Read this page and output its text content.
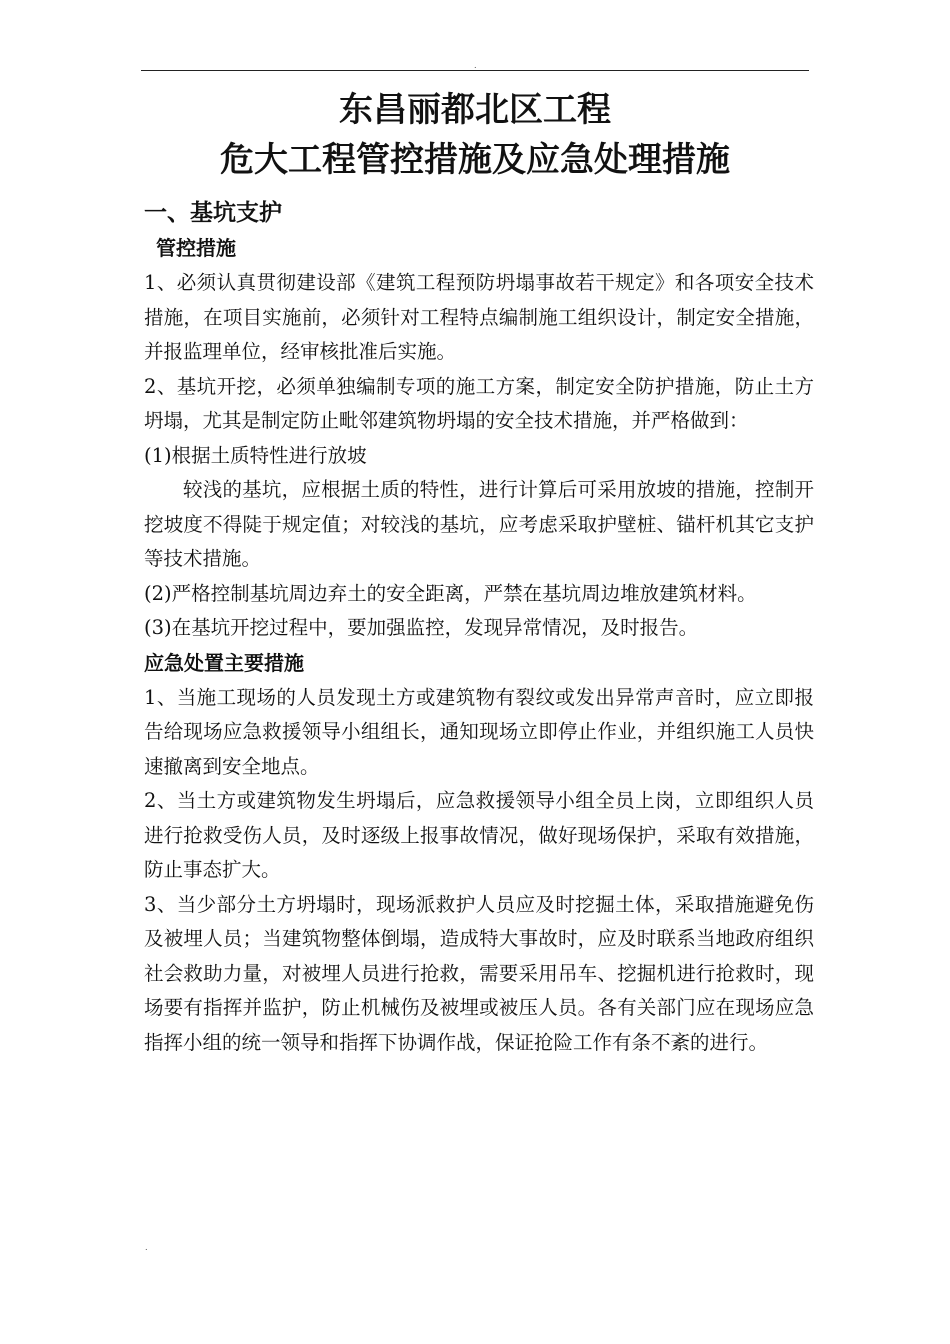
.
东昌丽都北区工程
危大工程管控措施及应急处理措施
一、基坑支护
管控措施

1、必须认真贯彻建设部《建筑工程预防坍塌事故若干规定》和各项安全技术措施，在项目实施前，必须针对工程特点编制施工组织设计，制定安全措施，并报监理单位，经审核批准后实施。

2、基坑开挖，必须单独编制专项的施工方案，制定安全防护措施，防止土方坍塌，尤其是制定防止毗邻建筑物坍塌的安全技术措施，并严格做到：

(1)根据土质特性进行放坡

较浅的基坑，应根据土质的特性，进行计算后可采用放坡的措施，控制开挖坡度不得陡于规定值；对较浅的基坑，应考虑采取护壁桩、锚杆机其它支护等技术措施。

(2)严格控制基坑周边弃土的安全距离，严禁在基坑周边堆放建筑材料。

(3)在基坑开挖过程中，要加强监控，发现异常情况，及时报告。

应急处置主要措施

1、当施工现场的人员发现土方或建筑物有裂纹或发出异常声音时，应立即报告给现场应急救援领导小组组长，通知现场立即停止作业，并组织施工人员快速撤离到安全地点。

2、当土方或建筑物发生坍塌后，应急救援领导小组全员上岗，立即组织人员进行抢救受伤人员，及时逐级上报事故情况，做好现场保护，采取有效措施，防止事态扩大。

3、当少部分土方坍塌时，现场派救护人员应及时挖掘土体，采取措施避免伤及被埋人员；当建筑物整体倒塌，造成特大事故时，应及时联系当地政府组织社会救助力量，对被埋人员进行抢救，需要采用吊车、挖掘机进行抢救时，现场要有指挥并监护，防止机械伤及被埋或被压人员。各有关部门应在现场应急指挥小组的统一领导和指挥下协调作战，保证抢险工作有条不紊的进行。

.
